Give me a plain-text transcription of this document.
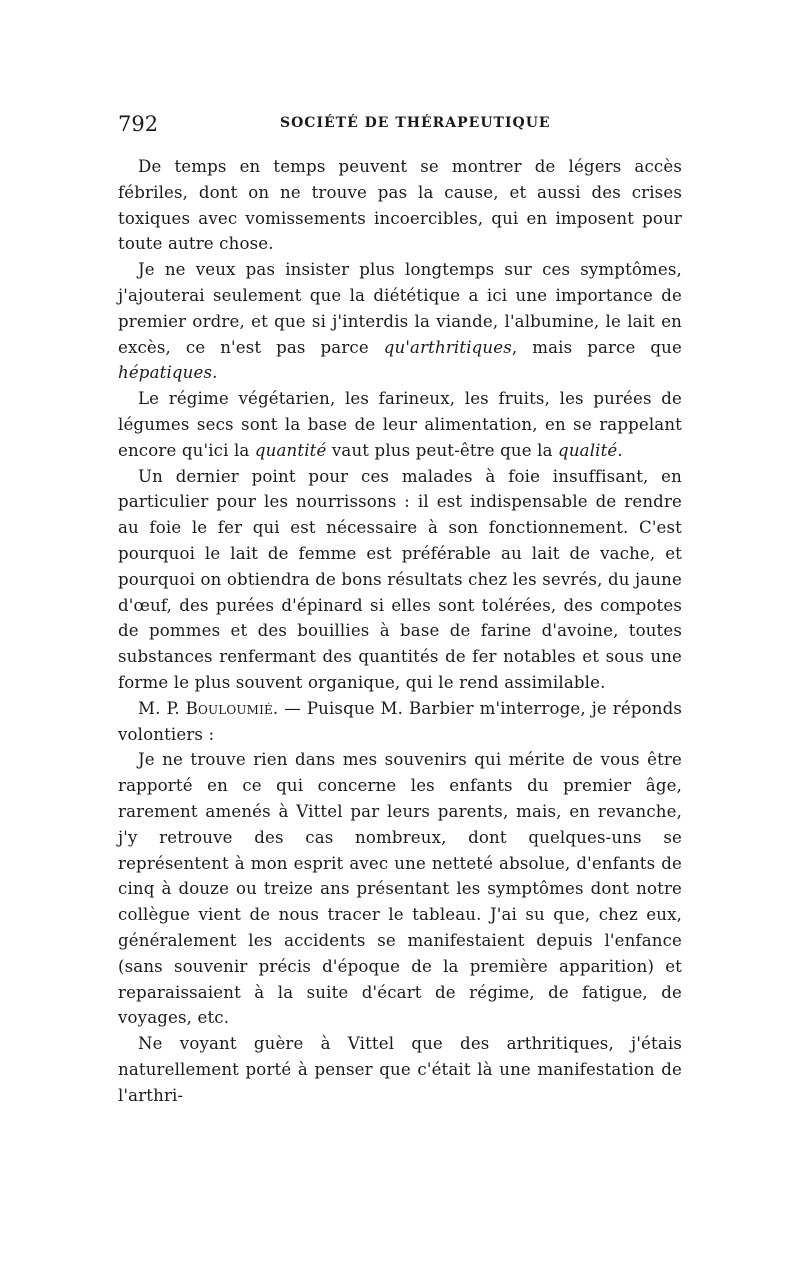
792	SOCIÉTÉ DE THÉRAPEUTIQUE

De temps en temps peuvent se montrer de légers accès fébriles, dont on ne trouve pas la cause, et aussi des crises toxiques avec vomissements incoercibles, qui en imposent pour toute autre chose.

Je ne veux pas insister plus longtemps sur ces symptômes, j'ajouterai seulement que la diététique a ici une importance de premier ordre, et que si j'interdis la viande, l'albumine, le lait en excès, ce n'est pas parce qu'arthritiques, mais parce que hépatiques.

Le régime végétarien, les farineux, les fruits, les purées de légumes secs sont la base de leur alimentation, en se rappelant encore qu'ici la quantité vaut plus peut-être que la qualité.

Un dernier point pour ces malades à foie insuffisant, en particulier pour les nourrissons : il est indispensable de rendre au foie le fer qui est nécessaire à son fonctionnement. C'est pourquoi le lait de femme est préférable au lait de vache, et pourquoi on obtiendra de bons résultats chez les sevrés, du jaune d'œuf, des purées d'épinard si elles sont tolérées, des compotes de pommes et des bouillies à base de farine d'avoine, toutes substances renfermant des quantités de fer notables et sous une forme le plus souvent organique, qui le rend assimilable.

M. P. Bouloumié. — Puisque M. Barbier m'interroge, je réponds volontiers :

Je ne trouve rien dans mes souvenirs qui mérite de vous être rapporté en ce qui concerne les enfants du premier âge, rarement amenés à Vittel par leurs parents, mais, en revanche, j'y retrouve des cas nombreux, dont quelques-uns se représentent à mon esprit avec une netteté absolue, d'enfants de cinq à douze ou treize ans présentant les symptômes dont notre collègue vient de nous tracer le tableau. J'ai su que, chez eux, généralement les accidents se manifestaient depuis l'enfance (sans souvenir précis d'époque de la première apparition) et reparaissaient à la suite d'écart de régime, de fatigue, de voyages, etc.

Ne voyant guère à Vittel que des arthritiques, j'étais naturellement porté à penser que c'était là une manifestation de l'arthri-
